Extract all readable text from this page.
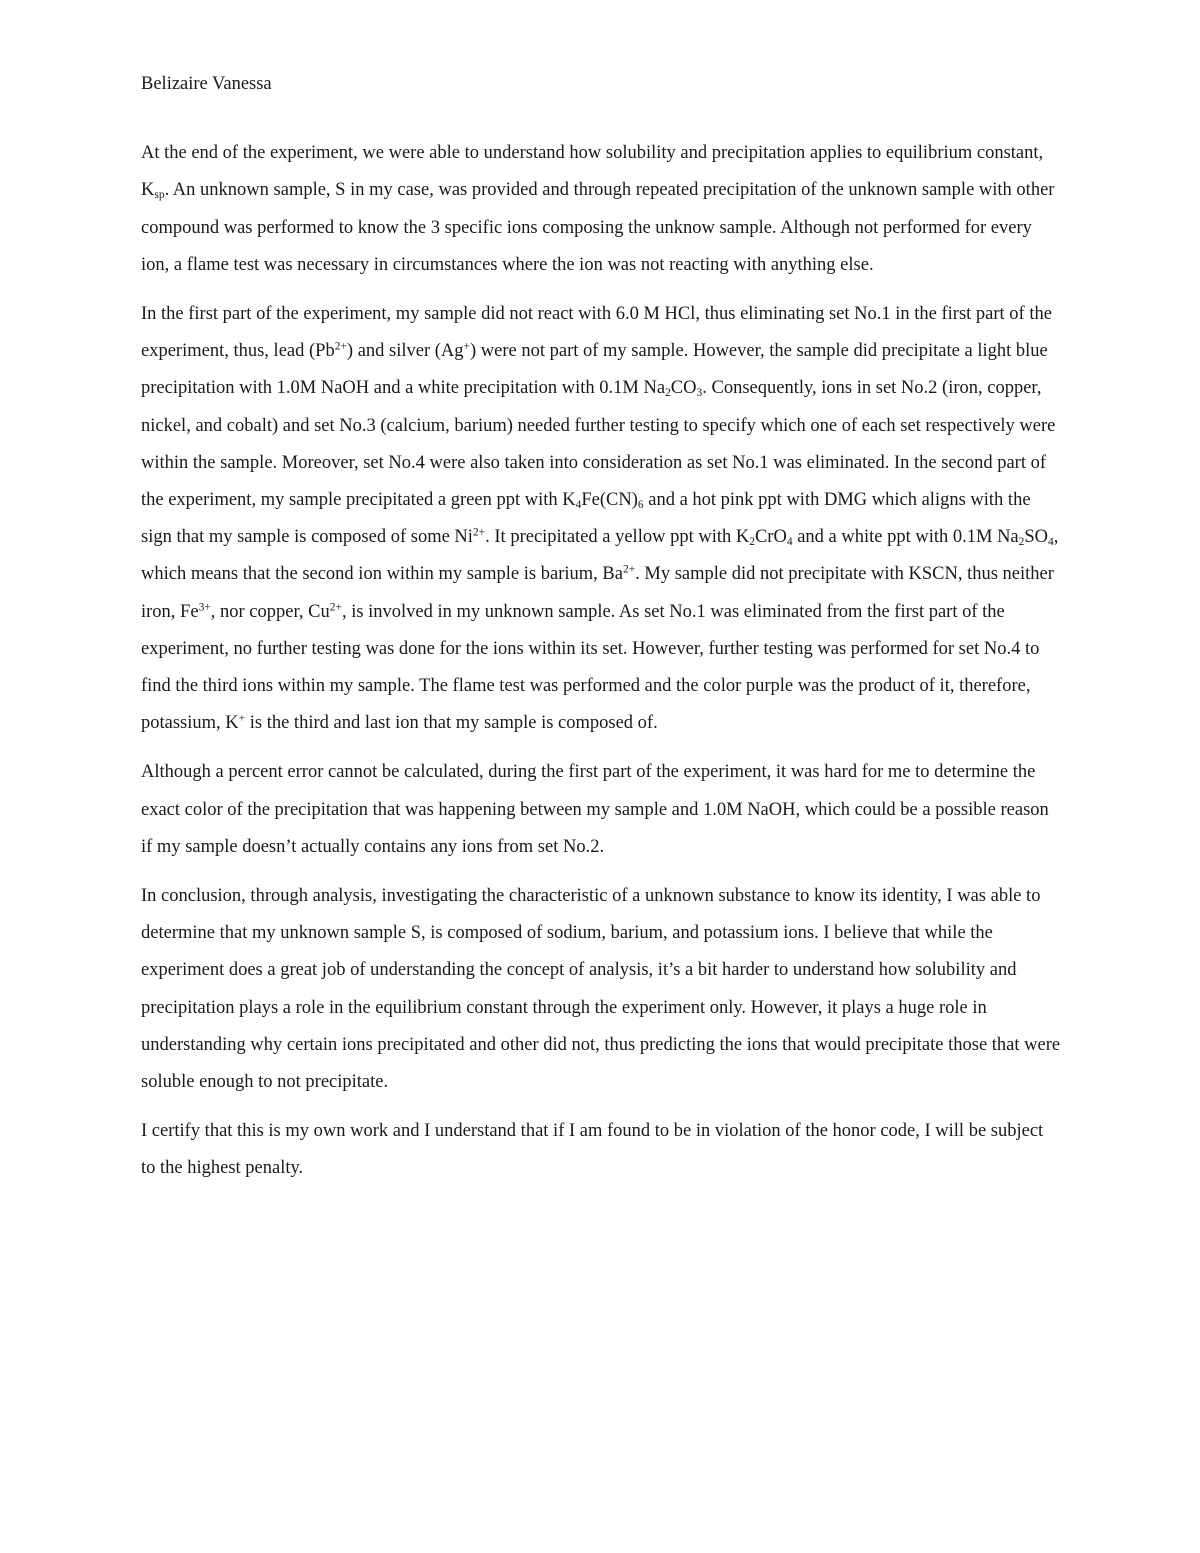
Belizaire Vanessa

At the end of the experiment, we were able to understand how solubility and precipitation applies to equilibrium constant, $K_{sp}$. An unknown sample, S in my case, was provided and through repeated precipitation of the unknown sample with other compound was performed to know the 3 specific ions composing the unknow sample. Although not performed for every ion, a flame test was necessary in circumstances where the ion was not reacting with anything else.

In the first part of the experiment, my sample did not react with 6.0 M HCl, thus eliminating set No.1 in the first part of the experiment, thus, lead $(Pb^{2+})$ and silver (Ag+) were not part of my sample. However, the sample did precipitate a light blue precipitation with 1.0M NaOH and a white precipitation with 0.1M $Na_2CO_3$. Consequently, ions in set No.2 (iron, copper, nickel, and cobalt) and set No.3 (calcium, barium) needed further testing to specify which one of each set respectively were within the sample. Moreover, set No.4 were also taken into consideration as set No.1 was eliminated. In the second part of the experiment, my sample precipitated a green ppt with $K_4Fe(CN)_6$ and a hot pink ppt with DMG which aligns with the sign that my sample is composed of some $Ni^{2+}$. It precipitated a yellow ppt with $K_2CrO_4$ and a white ppt with 0.1M $Na_2SO_4$, which means that the second ion within my sample is barium, $Ba^{2+}$. My sample did not precipitate with KSCN, thus neither iron, $Fe^{3+}$, nor copper, $Cu^{2+}$, is involved in my unknown sample. As set No.1 was eliminated from the first part of the experiment, no further testing was done for the ions within its set. However, further testing was performed for set No.4 to find the third ions within my sample. The flame test was performed and the color purple was the product of it, therefore, potassium, K+ is the third and last ion that my sample is composed of.

Although a percent error cannot be calculated, during the first part of the experiment, it was hard for me to determine the exact color of the precipitation that was happening between my sample and 1.0M NaOH, which could be a possible reason if my sample doesn’t actually contains any ions from set No.2.

In conclusion, through analysis, investigating the characteristic of a unknown substance to know its identity, I was able to determine that my unknown sample S, is composed of sodium, barium, and potassium ions. I believe that while the experiment does a great job of understanding the concept of analysis, it’s a bit harder to understand how solubility and precipitation plays a role in the equilibrium constant through the experiment only. However, it plays a huge role in understanding why certain ions precipitated and other did not, thus predicting the ions that would precipitate those that were soluble enough to not precipitate.

I certify that this is my own work and I understand that if I am found to be in violation of the honor code, I will be subject to the highest penalty.
